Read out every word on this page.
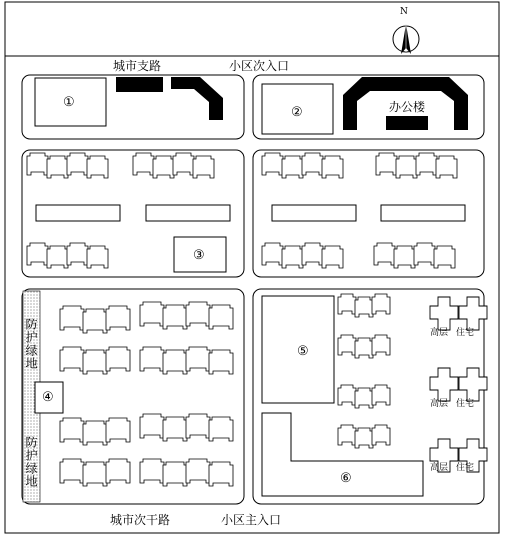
城市支路	小区次入口
城市次干路	小区主入口
办公楼
N
①
②
③
④
⑤
⑥
防护绿地
防护绿地
高层 住宅
高层 住宅
高层 住宅
